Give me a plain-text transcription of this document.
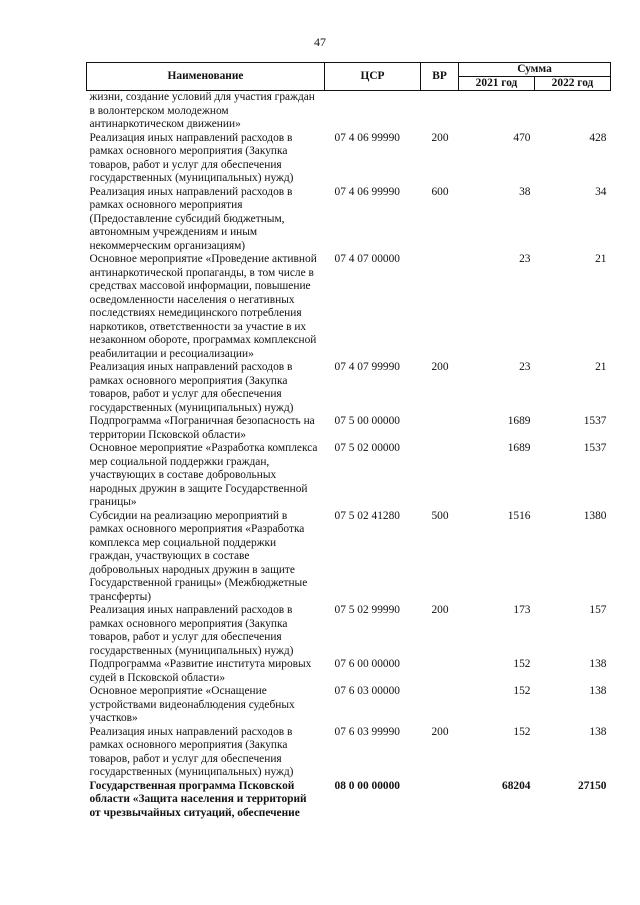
47
Наименование	ЦСР	ВР	Сумма	
			2021 год	2022 год
жизни, создание условий для участия граждан в волонтерском молодежном антинаркотическом движении»				
Реализация иных направлений расходов в рамках основного мероприятия (Закупка товаров, работ и услуг для обеспечения государственных (муниципальных) нужд)	07 4 06 99990	200	470	428
Реализация иных направлений расходов в рамках основного мероприятия (Предоставление субсидий бюджетным, автономным учреждениям и иным некоммерческим организациям)	07 4 06 99990	600	38	34
Основное мероприятие «Проведение активной антинаркотической пропаганды, в том числе в средствах массовой информации, повышение осведомленности населения о негативных последствиях немедицинского потребления наркотиков, ответственности за участие в их незаконном обороте, программах комплексной реабилитации и ресоциализации»	07 4 07 00000		23	21
Реализация иных направлений расходов в рамках основного мероприятия (Закупка товаров, работ и услуг для обеспечения государственных (муниципальных) нужд)	07 4 07 99990	200	23	21
Подпрограмма «Пограничная безопасность на территории Псковской области»	07 5 00 00000		1689	1537
Основное мероприятие «Разработка комплекса мер социальной поддержки граждан, участвующих в составе добровольных народных дружин в защите Государственной границы»	07 5 02 00000		1689	1537
Субсидии на реализацию мероприятий в рамках основного мероприятия «Разработка комплекса мер социальной поддержки граждан, участвующих в составе добровольных народных дружин в защите Государственной границы» (Межбюджетные трансферты)	07 5 02 41280	500	1516	1380
Реализация иных направлений расходов в рамках основного мероприятия (Закупка товаров, работ и услуг для обеспечения государственных (муниципальных) нужд)	07 5 02 99990	200	173	157
Подпрограмма «Развитие института мировых судей в Псковской области»	07 6 00 00000		152	138
Основное мероприятие «Оснащение устройствами видеонаблюдения судебных участков»	07 6 03 00000		152	138
Реализация иных направлений расходов в рамках основного мероприятия (Закупка товаров, работ и услуг для обеспечения государственных (муниципальных) нужд)	07 6 03 99990	200	152	138
Государственная программа Псковской области «Защита населения и территорий от чрезвычайных ситуаций, обеспечение	08 0 00 00000		68204	27150
